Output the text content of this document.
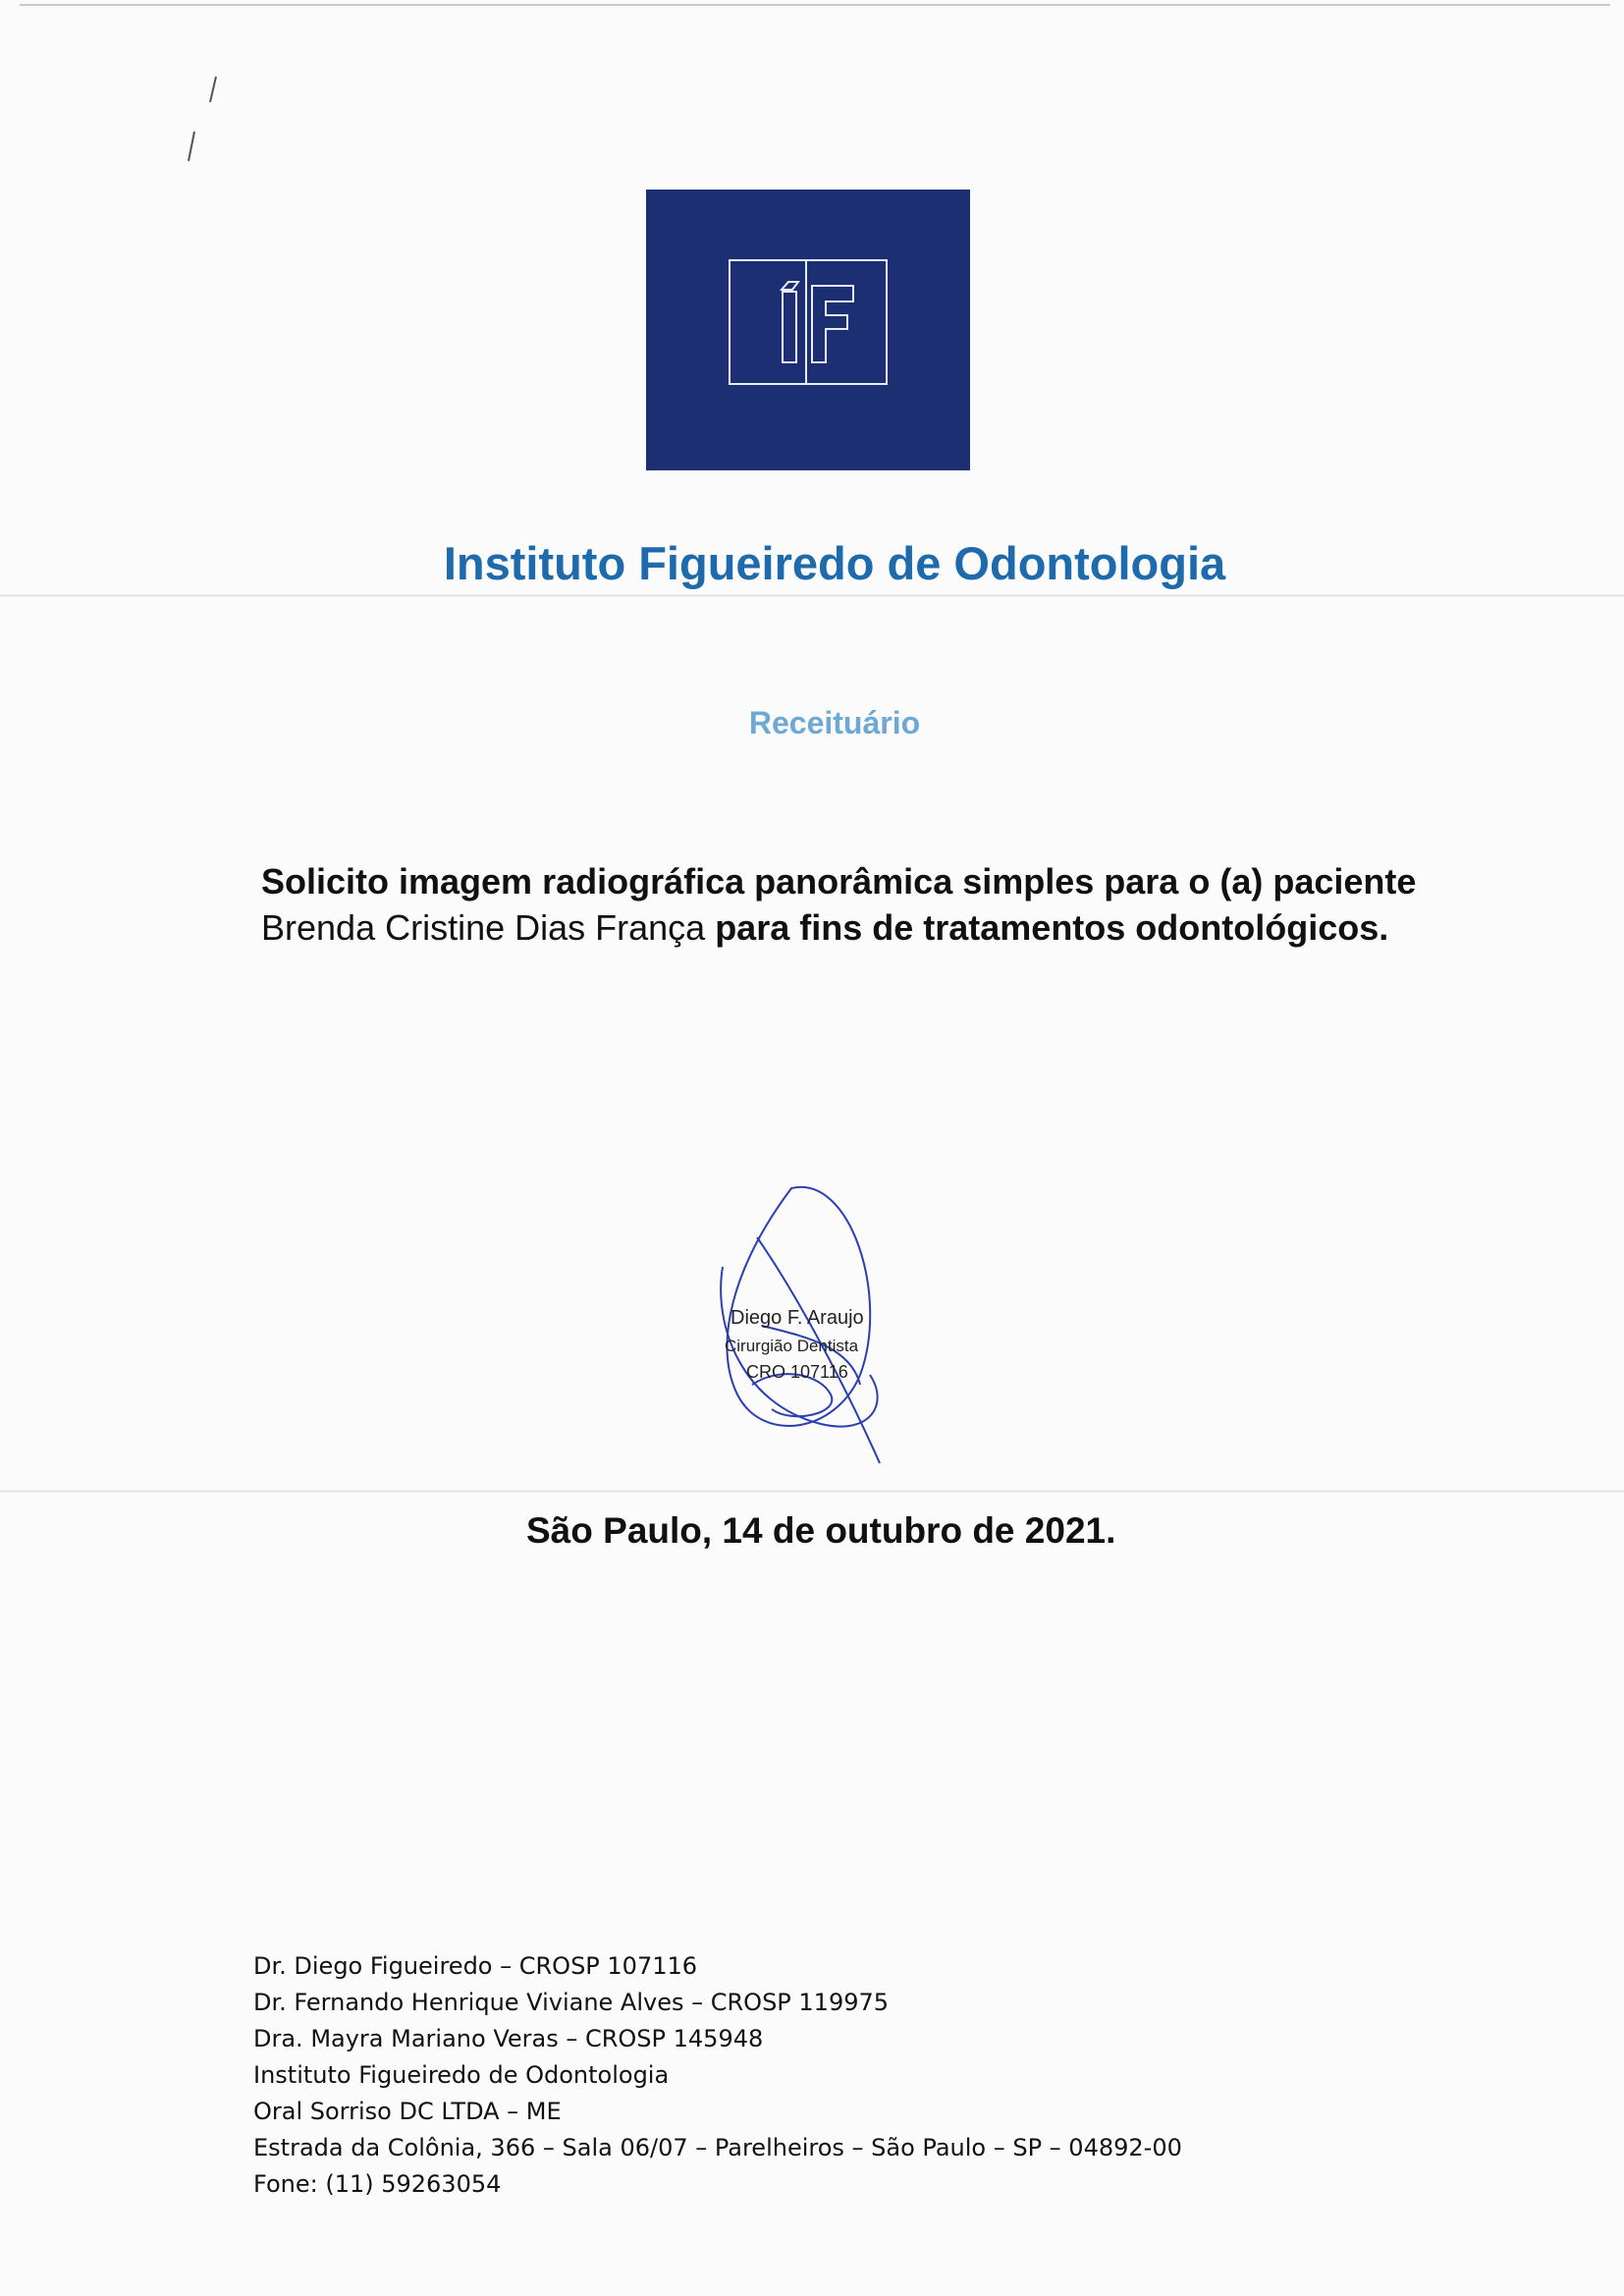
Instituto Figueiredo de Odontologia
Receituário
Solicito imagem radiográfica panorâmica simples para o (a) paciente Brenda Cristine Dias França para fins de tratamentos odontológicos.
Diego F. Araujo
Cirurgião Dentista
CRO 107116
São Paulo, 14 de outubro de 2021.
Dr. Diego Figueiredo – CROSP 107116
Dr. Fernando Henrique Viviane Alves – CROSP 119975
Dra. Mayra Mariano Veras – CROSP 145948
Instituto Figueiredo de Odontologia
Oral Sorriso DC LTDA – ME
Estrada da Colônia, 366 – Sala 06/07 – Parelheiros – São Paulo – SP – 04892-00
Fone: (11) 59263054
